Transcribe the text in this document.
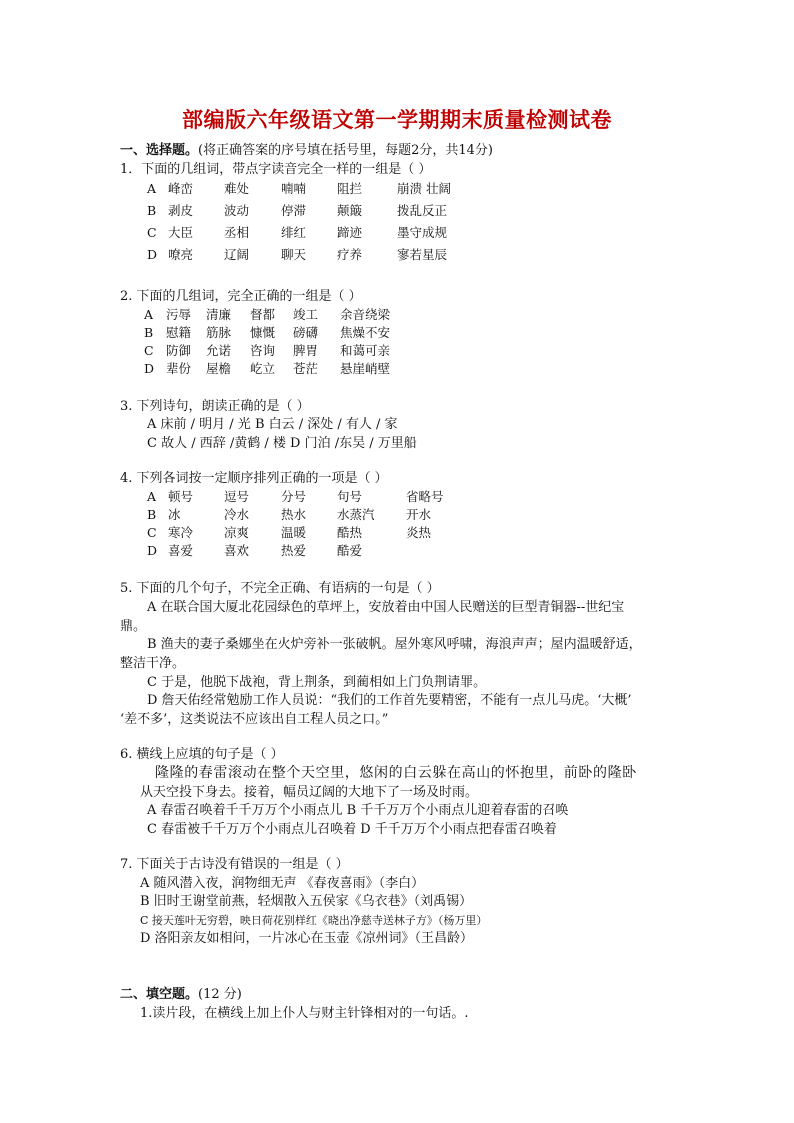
部编版六年级语文第一学期期末质量检测试卷
一、选择题。(将正确答案的序号填在括号里，每题2分，共14分)
1．下面的几组词，带点字读音完全一样的一组是（ ）
A 峰峦 难处	喃喃 阻拦	崩溃 壮阔
B 剥皮 波动	停滞 颠簸	拨乱反正
C 大臣 丞相	绯红 蹄迹	墨守成规
D 嘹亮 辽阔	聊天 疗养	寥若星辰
2. 下面的几组词，完全正确的一组是（ ）
A 污辱 清廉 督都 竣工 余音绕梁
B 慰籍 筋脉 慷慨 磅礴 焦燥不安
C 防御 允诺 咨询 脾胃 和蔼可亲
D 辈份 屋檐 屹立 苍茫 悬崖峭壁
3. 下列诗句，朗读正确的是（ ）
A 床前 / 明月 / 光 B 白云 / 深处 / 有人 / 家
C 故人 / 西辞 /黄鹤 / 楼 D 门泊 /东吴 / 万里船
4. 下列各词按一定顺序排列正确的一项是（ ）
A 顿号 逗号	分号 句号	省略号
B 冰	冷水	热水 水蒸汽	开水
C 寒冷 凉爽	温暖 酷热	炎热
D 喜爱 喜欢	热爱 酷爱
5. 下面的几个句子，不完全正确、有语病的一句是（ ）
A 在联合国大厦北花园绿色的草坪上，安放着由中国人民赠送的巨型青铜器--世纪宝
鼎。
B 渔夫的妻子桑娜坐在火炉旁补一张破帆。屋外寒风呼啸，海浪声声；屋内温暖舒适，
整洁干净。
C 于是，他脱下战袍，背上荆条，到蔺相如上门负荆请罪。
D 詹天佑经常勉励工作人员说：“我们的工作首先要精密，不能有一点儿马虎。‘大概’
‘差不多’，这类说法不应该出自工程人员之口。”
6. 横线上应填的句子是（ ）
隆隆的春雷滚动在整个天空里，悠闲的白云躲在高山的怀抱里，前卧的隆卧
从天空投下身去。接着，幅员辽阔的大地下了一场及时雨。
A 春雷召唤着千千万万个小雨点儿 B 千千万万个小雨点儿迎着春雷的召唤
C 春雷被千千万万个小雨点儿召唤着 D 千千万万个小雨点把春雷召唤着
7. 下面关于古诗没有错误的一组是（ ）
A 随风潜入夜，润物细无声 《春夜喜雨》（李白）
B 旧时王谢堂前燕，轻烟散入五侯家《乌衣巷》（刘禹锡）
C 接天莲叶无穷碧，映日荷花别样红《晓出净慈寺送林子方》（杨万里）
D 洛阳亲友如相问，一片冰心在玉壶《凉州词》（王昌龄）
二、填空题。(12 分)
1.读片段，在横线上加上仆人与财主针锋相对的一句话。.
